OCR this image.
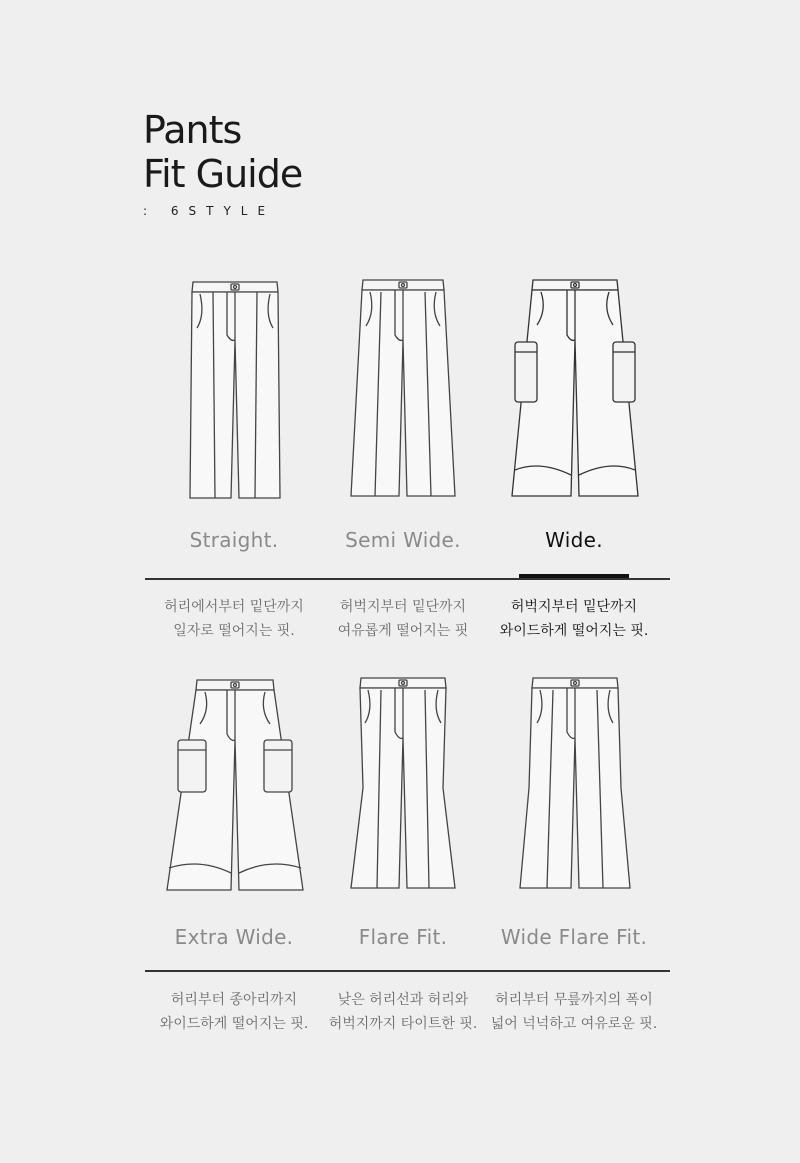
Pants
Fit Guide
: 6STYLE
Straight.	Semi Wide.	Wide.
허리에서부터 밑단까지
일자로 떨어지는 핏.
허벅지부터 밑단까지
여유롭게 떨어지는 핏
허벅지부터 밑단까지
와이드하게 떨어지는 핏.
Extra Wide.	Flare Fit.	Wide Flare Fit.
허리부터 종아리까지
와이드하게 떨어지는 핏.
낮은 허리선과 허리와
허벅지까지 타이트한 핏.
허리부터 무릎까지의 폭이
넓어 넉넉하고 여유로운 핏.
